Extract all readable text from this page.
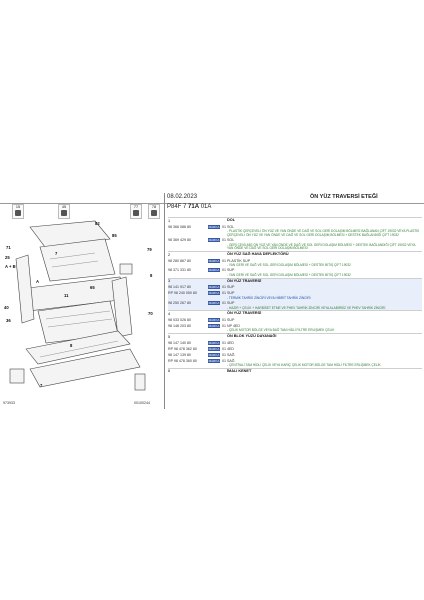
08.02.2023	ÖN YÜZ TRAVERSİ ETEĞİ
P84F 7 71A 01A
15	45	77	78
82
71
85
79
7
8
65
40
36
11
8
70
A
25
A + B
7
973933	00100244
1	DOL
98 366 086 80	MARKA 01 SOL
- PLASTİK ÇERÇEVELİ ÖN YÜZ VE YAN ÖNDE VE DAĞ VE SOL GERİ DOLAŞIM BÖLMESİ BAĞLANAN ÇİFT 19032 VEYA PLASTİK ÇERÇEVELİ ÖN YÜZ VE YAN ÖNDE VE DAĞ VE SOL GERİ DOLAŞIM BÖLMESİ + DESTEK BAĞLANDIĞI ÇİFT 19032
98 369 429 80	MARKA 01 SOL
- GERİ ÇEVİLMİŞ ÖN YÜZ VE YAN ÖNDE VE DAĞ VE SOL GERİ DOLAŞIM BÖLMESİ + DESTEK BAĞLANDIĞI ÇİFT 19032 VEYA YAN ÖNDE VE DAĞ VE SOL GERİ DOLAŞIM BÖLMESİ
2	ÖN YÜZ SAĞ HAVA DEFLEKTÖRÜ
98 280 867 80	MARKA 01 PLASTİK SUP
- YAN GERİ VE SAĞ VE SOL GERİ DOLAŞIM BÖLMESİ + DESTEK BİTİŞ ÇİFT 19032
98 371 331 80	MARKA 01 SUP
- YAN GERİ VE SAĞ VE SOL GERİ DOLAŞIM BÖLMESİ + DESTEK BİTİŞ ÇİFT 19032
3	ÖN YÜZ TRAVERSİ
98 141 917 80	MARKA 01 SUP
RP 98 240 050 80	MARKA 01 SUP
- TERMİK TAHRİK ZİNCİRİ VEYA HİBRİT TAHRİK ZİNCİRİ
98 250 267 80	MARKA 01 SUP
- HAZIR + ÇELİK + HARBİSET ETME VE PHEV TAHRİK ZİNCİRİ VEYA ALABİRSİZ VE PHEV TAHRİK ZİNCİRİ
4	ÖN YÜZ TRAVERSİ
98 033 026 80	MARKA 01 SUP
98 148 203 80	MARKA 01 NP 4ED
- ÇELİK MOTOR BÖLGE VEYA BAĞ TAM HİDLİ FİLTRE ERLİŞMEK ÇELİK
5	ÖN BLOK YÜZÜ DAYANAĞI
98 147 140 80	MARKA 01 4ED
RP 98 478 362 80	MARKA 01 4ED
98 147 139 80	MARKA 01 SAĞ
RP 98 478 360 80	MARKA 01 SAĞ
- ÇENTRALİ TAM HİDLİ ÇELİK VEYA HARİÇ ÇELİK MOTOR BÖLGE TAM HİDLİ FİLTRE ERLİŞMEK ÇELİK
6	İMALI KENET
